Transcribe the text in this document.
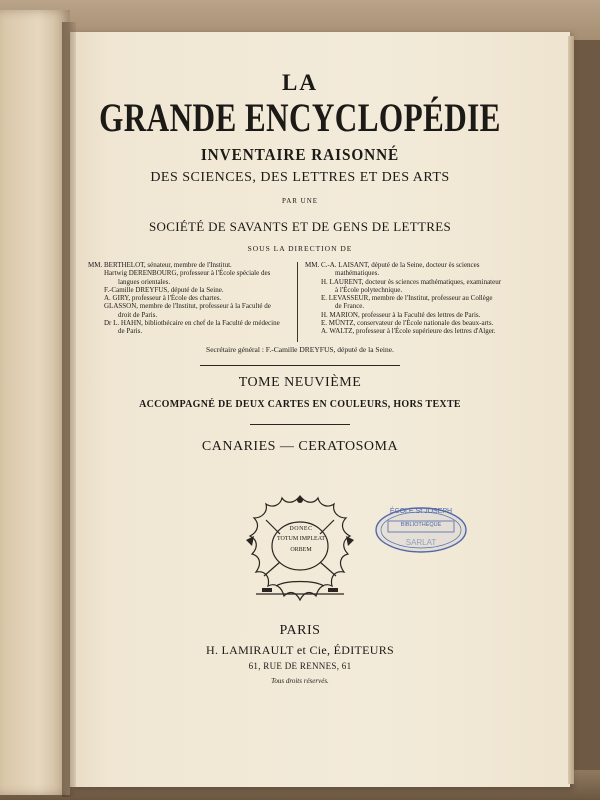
LA
GRANDE ENCYCLOPÉDIE
INVENTAIRE RAISONNÉ
DES SCIENCES, DES LETTRES ET DES ARTS
PAR UNE
SOCIÉTÉ DE SAVANTS ET DE GENS DE LETTRES
SOUS LA DIRECTION DE
MM. BERTHELOT, sénateur, membre de l'Institut.
Hartwig DERENBOURG, professeur à l'École spéciale des
langues orientales.
F.-Camille DREYFUS, député de la Seine.
A. GIRY, professeur à l'École des chartes.
GLASSON, membre de l'Institut, professeur à la Faculté de
droit de Paris.
Dr L. HAHN, bibliothécaire en chef de la Faculté de médecine
de Paris.
MM. C.-A. LAISANT, député de la Seine, docteur ès sciences
mathématiques.
H. LAURENT, docteur ès sciences mathématiques, examinateur
à l'École polytechnique.
E. LEVASSEUR, membre de l'Institut, professeur au Collège
de France.
H. MARION, professeur à la Faculté des lettres de Paris.
E. MÜNTZ, conservateur de l'École nationale des beaux-arts.
A. WALTZ, professeur à l'École supérieure des lettres d'Alger.
Secrétaire général : F.-Camille DREYFUS, député de la Seine.
TOME NEUVIÈME
ACCOMPAGNÉ DE DEUX CARTES EN COULEURS, HORS TEXTE
CANARIES — CERATOSOMA
DONEC
TOTUM IMPLEAT
ORBEM
ÉCOLE St JOSEPH
BIBLIOTHÈQUE
SARLAT
PARIS
H. LAMIRAULT et Cie, ÉDITEURS
61, RUE DE RENNES, 61
Tous droits réservés.
